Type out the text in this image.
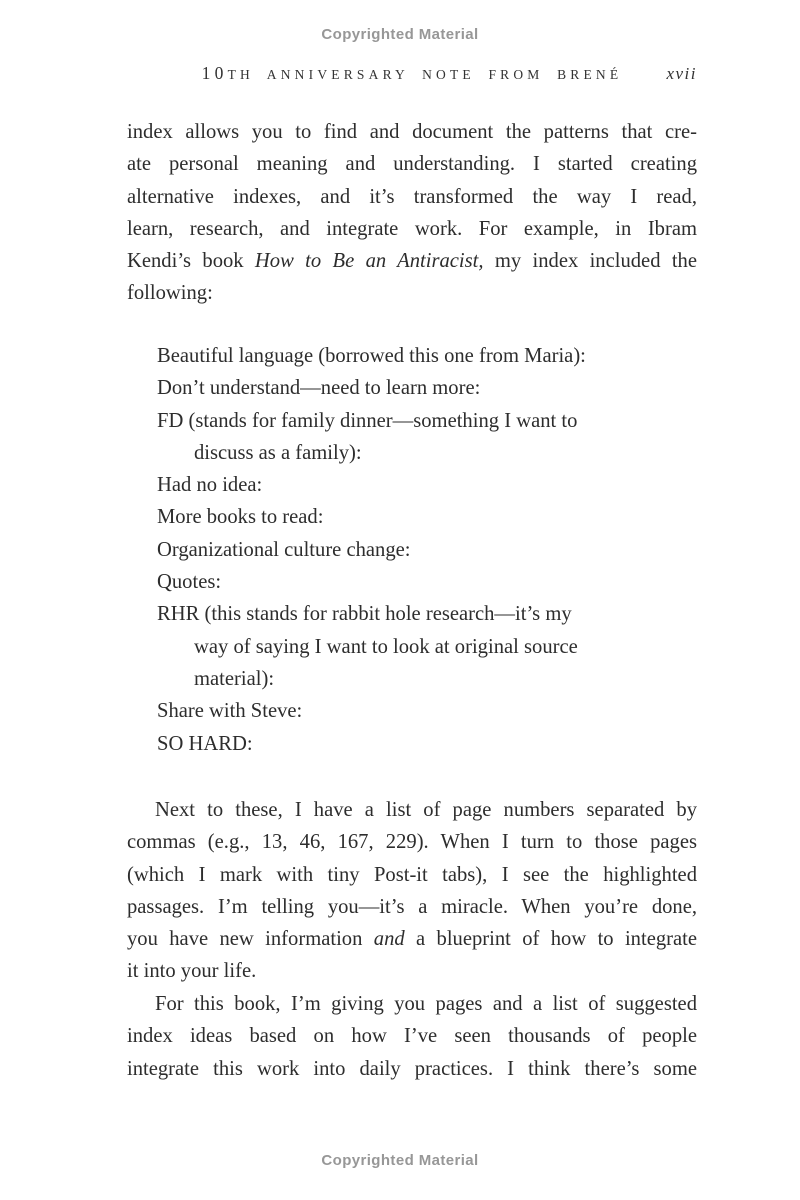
Copyrighted Material
10TH ANNIVERSARY NOTE FROM BRENÉ	xvii
index allows you to find and document the patterns that cre-
ate personal meaning and understanding. I started creating
alternative indexes, and it’s transformed the way I read,
learn, research, and integrate work. For example, in Ibram
Kendi’s book How to Be an Antiracist, my index included the
following:
Beautiful language (borrowed this one from Maria):
Don’t understand—need to learn more:
FD (stands for family dinner—something I want to
discuss as a family):
Had no idea:
More books to read:
Organizational culture change:
Quotes:
RHR (this stands for rabbit hole research—it’s my
way of saying I want to look at original source
material):
Share with Steve:
SO HARD:
Next to these, I have a list of page numbers separated by
commas (e.g., 13, 46, 167, 229). When I turn to those pages
(which I mark with tiny Post-it tabs), I see the highlighted
passages. I’m telling you—it’s a miracle. When you’re done,
you have new information and a blueprint of how to integrate
it into your life.
For this book, I’m giving you pages and a list of suggested
index ideas based on how I’ve seen thousands of people
integrate this work into daily practices. I think there’s some
Copyrighted Material
